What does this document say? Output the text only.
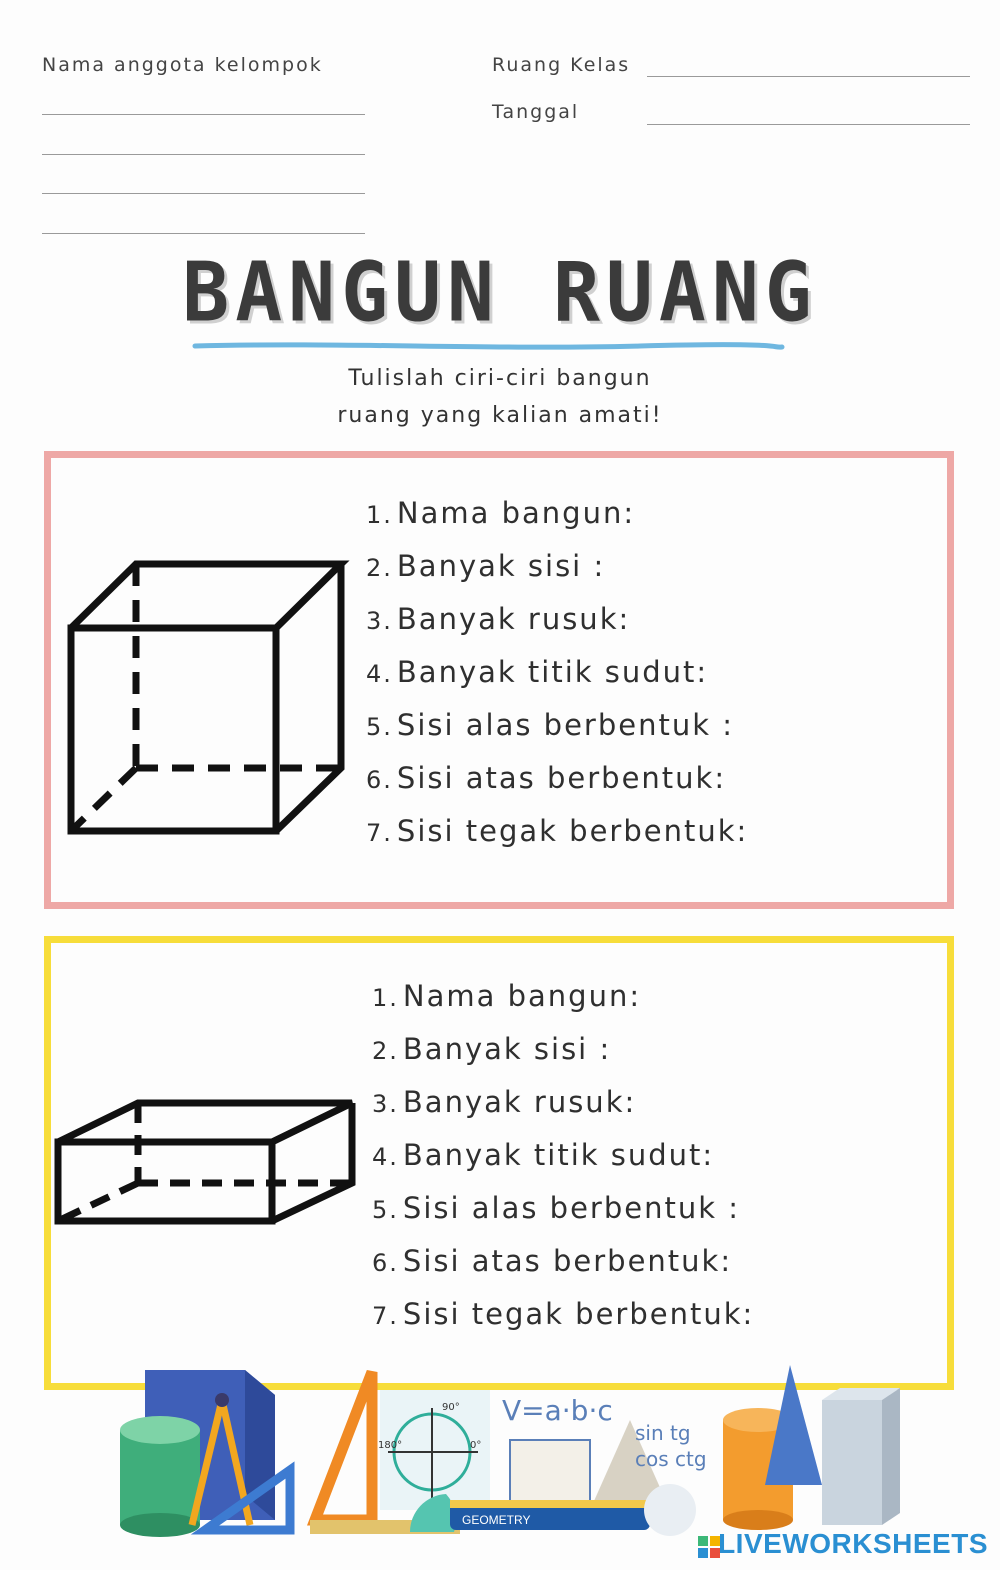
Nama anggota kelompok	Ruang Kelas
Tanggal
BANGUN RUANG
Tulislah ciri-ciri bangun
ruang yang kalian amati!
1. Nama bangun:
2. Banyak sisi :
3. Banyak rusuk:
4. Banyak titik sudut:
5. Sisi alas berbentuk :
6. Sisi atas berbentuk:
7. Sisi tegak berbentuk:
1. Nama bangun:
2. Banyak sisi :
3. Banyak rusuk:
4. Banyak titik sudut:
5. Sisi alas berbentuk :
6. Sisi atas berbentuk:
7. Sisi tegak berbentuk:
90°
180°	0°
V=a·b·c
GEOMETRY
sin tg
cos ctg
LIVEWORKSHEETS
